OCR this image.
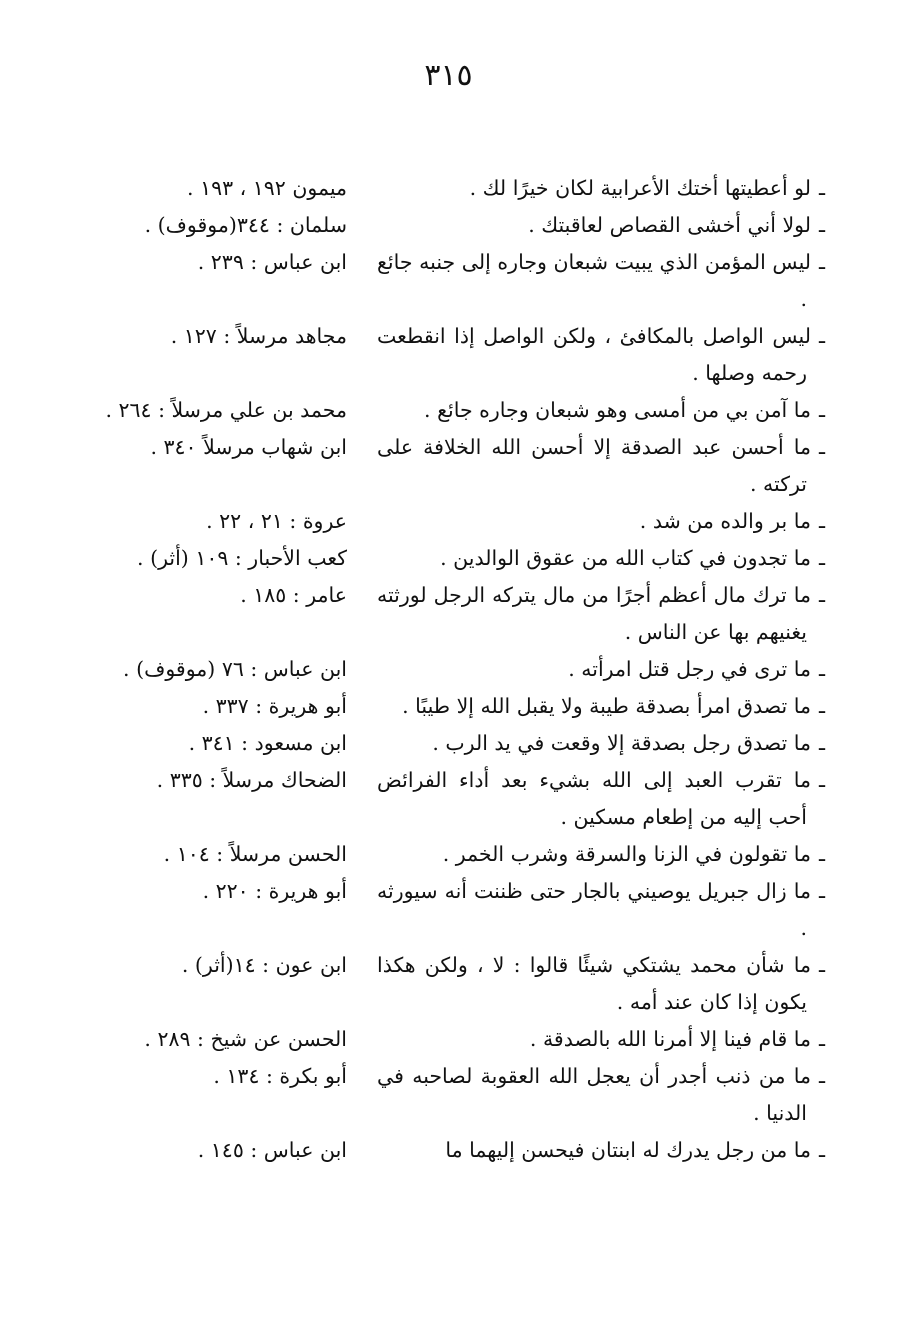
٣١٥
ـلو أعطيتها أختك الأعرابية لكان خيرًا لك .
ميمون ١٩٢ ، ١٩٣ .
ـلولا أني أخشى القصاص لعاقبتك .
سلمان : ٣٤٤(موقوف) .
ـليس المؤمن الذي يبيت شبعان وجاره إلى جنبه جائع .
ابن عباس : ٢٣٩ .
ـليس الواصل بالمكافئ ، ولكن الواصل إذا انقطعت رحمه وصلها .
مجاهد مرسلاً : ١٢٧ .
ـما آمن بي من أمسى وهو شبعان وجاره جائع .
محمد بن علي مرسلاً : ٢٦٤ .
ـما أحسن عبد الصدقة إلا أحسن الله الخلافة على تركته .
ابن شهاب مرسلاً ٣٤٠ .
ـما بر والده من شد .
عروة : ٢١ ، ٢٢ .
ـما تجدون في كتاب الله من عقوق الوالدين .
كعب الأحبار : ١٠٩ (أثر) .
ـما ترك مال أعظم أجرًا من مال يتركه الرجل لورثته يغنيهم بها عن الناس .
عامر : ١٨٥ .
ـما ترى في رجل قتل امرأته .
ابن عباس : ٧٦ (موقوف) .
ـما تصدق امرأ بصدقة طيبة ولا يقبل الله إلا طيبًا .
أبو هريرة : ٣٣٧ .
ـما تصدق رجل بصدقة إلا وقعت في يد الرب .
ابن مسعود : ٣٤١ .
ـما تقرب العبد إلى الله بشيء بعد أداء الفرائض أحب إليه من إطعام مسكين .
الضحاك مرسلاً : ٣٣٥ .
ـما تقولون في الزنا والسرقة وشرب الخمر .
الحسن مرسلاً : ١٠٤ .
ـما زال جبريل يوصيني بالجار حتى ظننت أنه سيورثه .
أبو هريرة : ٢٢٠ .
ـما شأن محمد يشتكي شيئًا قالوا : لا ، ولكن هكذا يكون إذا كان عند أمه .
ابن عون : ١٤(أثر) .
ـما قام فينا إلا أمرنا الله بالصدقة .
الحسن عن شيخ : ٢٨٩ .
ـما من ذنب أجدر أن يعجل الله العقوبة لصاحبه في الدنيا .
أبو بكرة : ١٣٤ .
ـما من رجل يدرك له ابنتان فيحسن إليهما ما
ابن عباس : ١٤٥ .
